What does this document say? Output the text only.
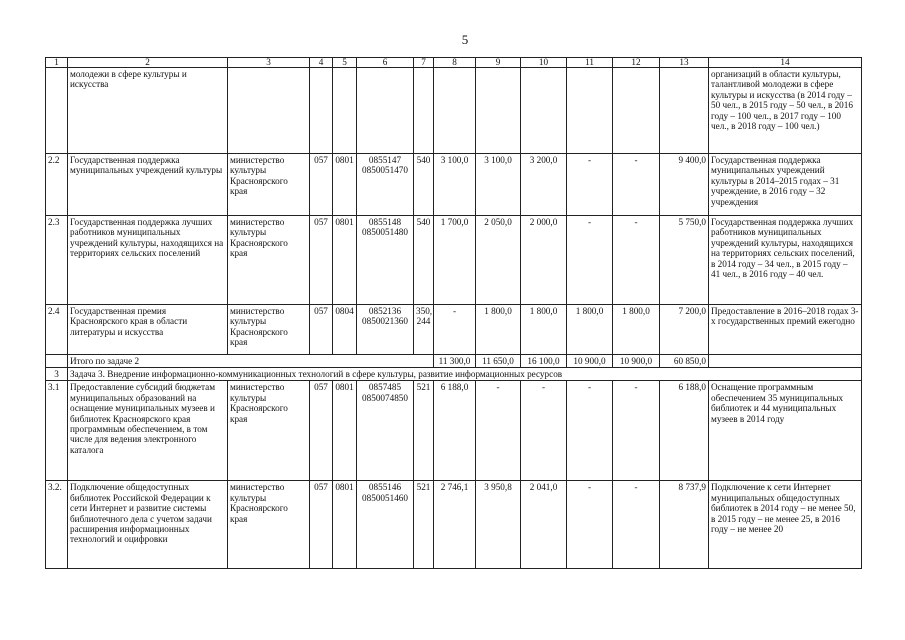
5
1	2	3	4	5	6	7	8	9	10	11	12	13	14
	молодежи в сфере культуры и искусства												организаций в области культуры, талантливой молодежи в сфере культуры и искусства (в 2014 году – 50 чел., в 2015 году – 50 чел., в 2016 году – 100 чел., в 2017 году – 100 чел., в 2018 году – 100 чел.)
2.2	Государственная поддержка муниципальных учреждений культуры	министерство культуры Красноярского края	057	0801	0855147 0850051470	540	3 100,0	3 100,0	3 200,0	-	-	9 400,0	Государственная поддержка муниципальных учреждений культуры в 2014–2015 годах – 31 учреждение, в 2016 году – 32 учреждения
2.3	Государственная поддержка лучших работников муниципальных учреждений культуры, находящихся на территориях сельских поселений	министерство культуры Красноярского края	057	0801	0855148 0850051480	540	1 700,0	2 050,0	2 000,0	-	-	5 750,0	Государственная поддержка лучших работников муниципальных учреждений культуры, находящихся на территориях сельских поселений, в 2014 году – 34 чел., в 2015 году – 41 чел., в 2016 году – 40 чел.
2.4	Государственная премия Красноярского края в области литературы и искусства	министерство культуры Красноярского края	057	0804	0852136 0850021360	350, 244	-	1 800,0	1 800,0	1 800,0	1 800,0	7 200,0	Предоставление в 2016–2018 годах 3-х государственных премий ежегодно
	Итого по задаче 2						11 300,0	11 650,0	16 100,0	10 900,0	10 900,0	60 850,0	
3	Задача 3. Внедрение информационно-коммуникационных технологий в сфере культуры, развитие информационных ресурсов												
3.1	Предоставление субсидий бюджетам муниципальных образований на оснащение муниципальных музеев и библиотек Красноярского края программным обеспечением, в том числе для ведения электронного каталога	министерство культуры Красноярского края	057	0801	0857485 0850074850	521	6 188,0	-	-	-	-	6 188,0	Оснащение программным обеспечением 35 муниципальных библиотек и 44 муниципальных музеев в 2014 году
3.2.	Подключение общедоступных библиотек Российской Федерации к сети Интернет и развитие системы библиотечного дела с учетом задачи расширения информационных технологий и оцифровки	министерство культуры Красноярского края	057	0801	0855146 0850051460	521	2 746,1	3 950,8	2 041,0	-	-	8 737,9	Подключение к сети Интернет муниципальных общедоступных библиотек в 2014 году – не менее 50, в 2015 году – не менее 25, в 2016 году – не менее 20
